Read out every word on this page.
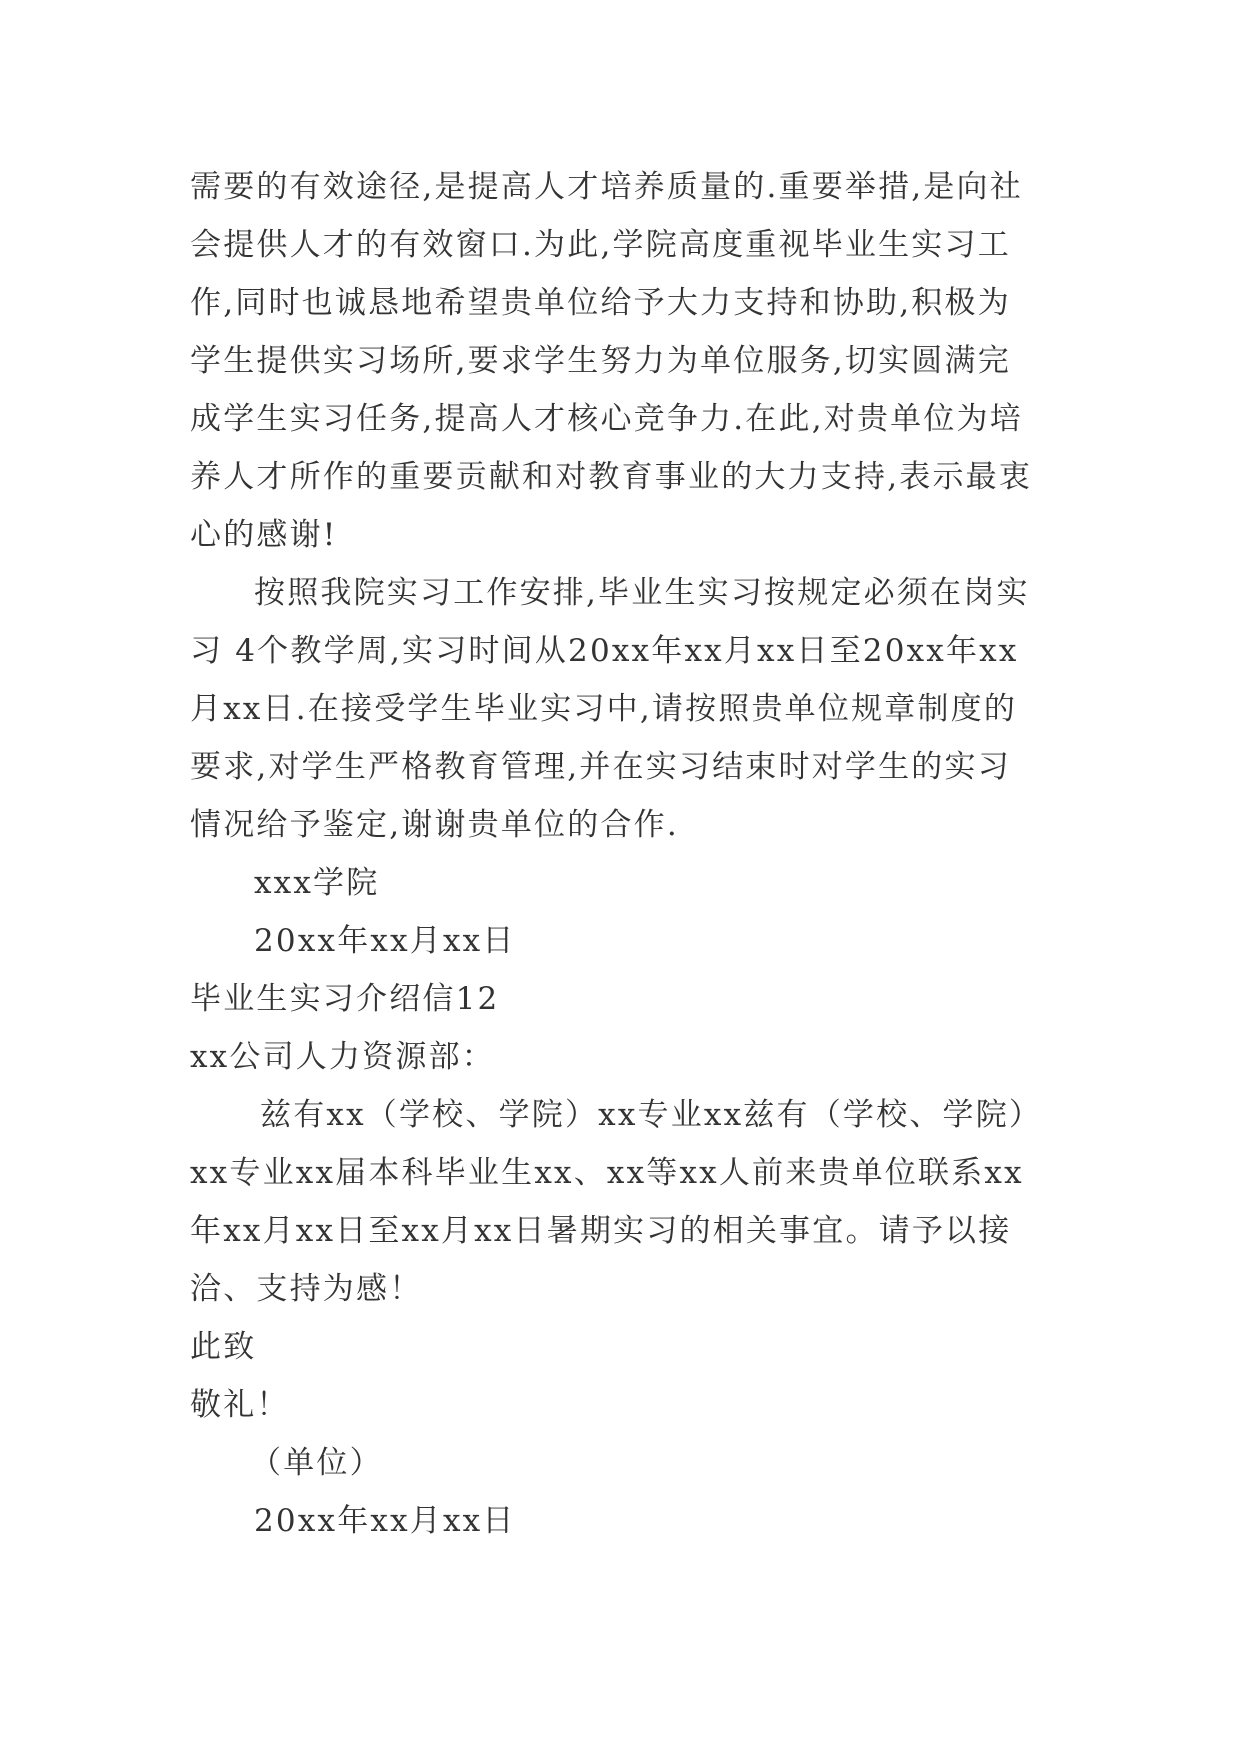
需要的有效途径,是提高人才培养质量的.重要举措,是向社
会提供人才的有效窗口.为此,学院高度重视毕业生实习工
作,同时也诚恳地希望贵单位给予大力支持和协助,积极为
学生提供实习场所,要求学生努力为单位服务,切实圆满完
成学生实习任务,提高人才核心竞争力.在此,对贵单位为培
养人才所作的重要贡献和对教育事业的大力支持,表示最衷
心的感谢!
按照我院实习工作安排,毕业生实习按规定必须在岗实
习 4个教学周,实习时间从20xx年xx月xx日至20xx年xx
月xx日.在接受学生毕业实习中,请按照贵单位规章制度的
要求,对学生严格教育管理,并在实习结束时对学生的实习
情况给予鉴定,谢谢贵单位的合作.
xxx学院
20xx年xx月xx日
毕业生实习介绍信12
xx公司人力资源部：
兹有xx（学校、学院）xx专业xx兹有（学校、学院）
xx专业xx届本科毕业生xx、xx等xx人前来贵单位联系xx
年xx月xx日至xx月xx日暑期实习的相关事宜。请予以接
洽、支持为感！
此致
敬礼！
（单位）
20xx年xx月xx日
